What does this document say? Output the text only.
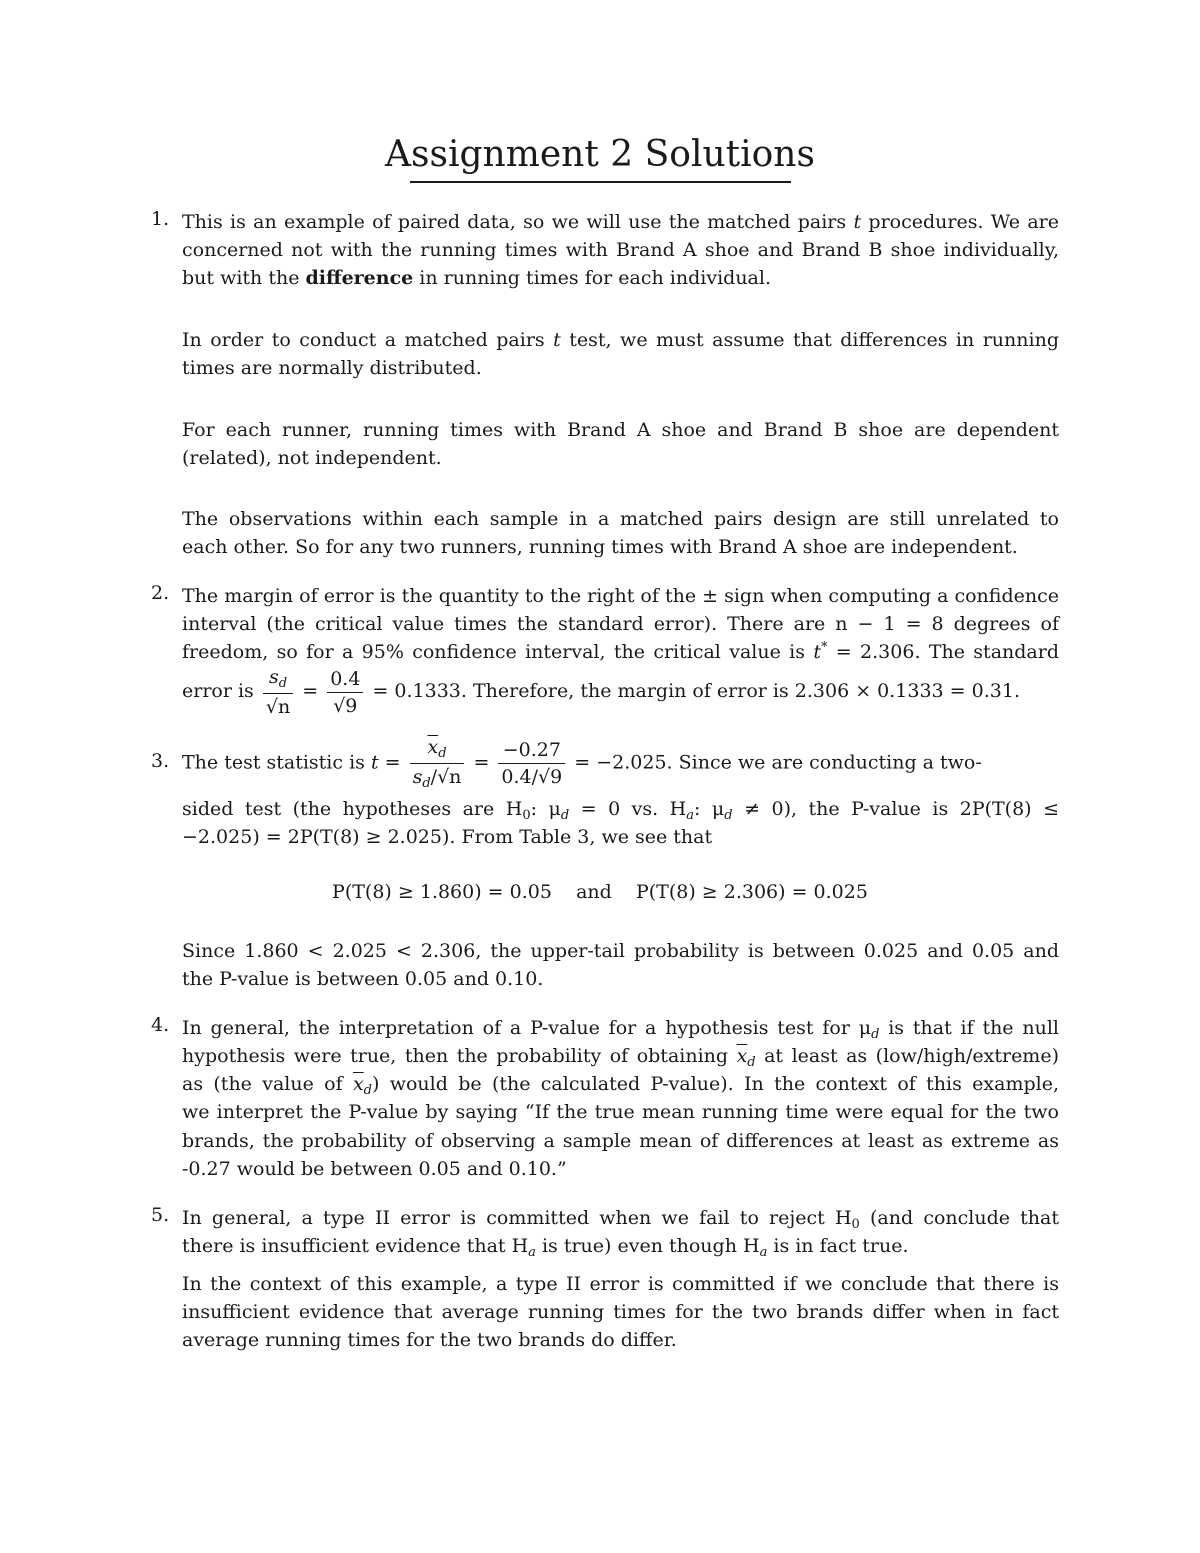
Assignment 2 Solutions
1. This is an example of paired data, so we will use the matched pairs t procedures. We are
concerned not with the running times with Brand A shoe and Brand B shoe individually,
but with the difference in running times for each individual.
In order to conduct a matched pairs t test, we must assume that differences in running
times are normally distributed.
For each runner, running times with Brand A shoe and Brand B shoe are dependent
(related), not independent.
The observations within each sample in a matched pairs design are still unrelated to
each other. So for any two runners, running times with Brand A shoe are independent.
2. The margin of error is the quantity to the right of the ± sign when computing a confidence
interval (the critical value times the standard error). There are n − 1 = 8 degrees of
freedom, so for a 95% confidence interval, the critical value is t* = 2.306. The standard
error is $\frac{s_d}{√n} = \frac{0.4}{√9} = 0.1333$. Therefore, the margin of error is 2.306 × 0.1333 = 0.31.
3. The test statistic is $t = \frac{\overline{x}_d}{s_d/√n} = \frac{-0.27}{0.4/√9} = -2.025$. Since we are conducting a two-
sided test (the hypotheses are $H_0$: $\mu_d = 0$ vs. $H_a$: $\mu_d \ne 0$), the P-value is 2P(T(8) ≤
−2.025) = 2P(T(8) ≥ 2.025). From Table 3, we see that
P(T(8) ≥ 1.860) = 0.05    and    P(T(8) ≥ 2.306) = 0.025
Since 1.860 < 2.025 < 2.306, the upper-tail probability is between 0.025 and 0.05 and
the P-value is between 0.05 and 0.10.
4. In general, the interpretation of a P-value for a hypothesis test for $\mu_d$ is that if the null
hypothesis were true, then the probability of obtaining $\overline{x}_d$ at least as (low/high/extreme)
as (the value of $\overline{x}_d$) would be (the calculated P-value). In the context of this example,
we interpret the P-value by saying “If the true mean running time were equal for the two
brands, the probability of observing a sample mean of differences at least as extreme as
-0.27 would be between 0.05 and 0.10.”
5. In general, a type II error is committed when we fail to reject $H_0$ (and conclude that
there is insufficient evidence that $H_a$ is true) even though $H_a$ is in fact true.
In the context of this example, a type II error is committed if we conclude that there is
insufficient evidence that average running times for the two brands differ when in fact
average running times for the two brands do differ.
